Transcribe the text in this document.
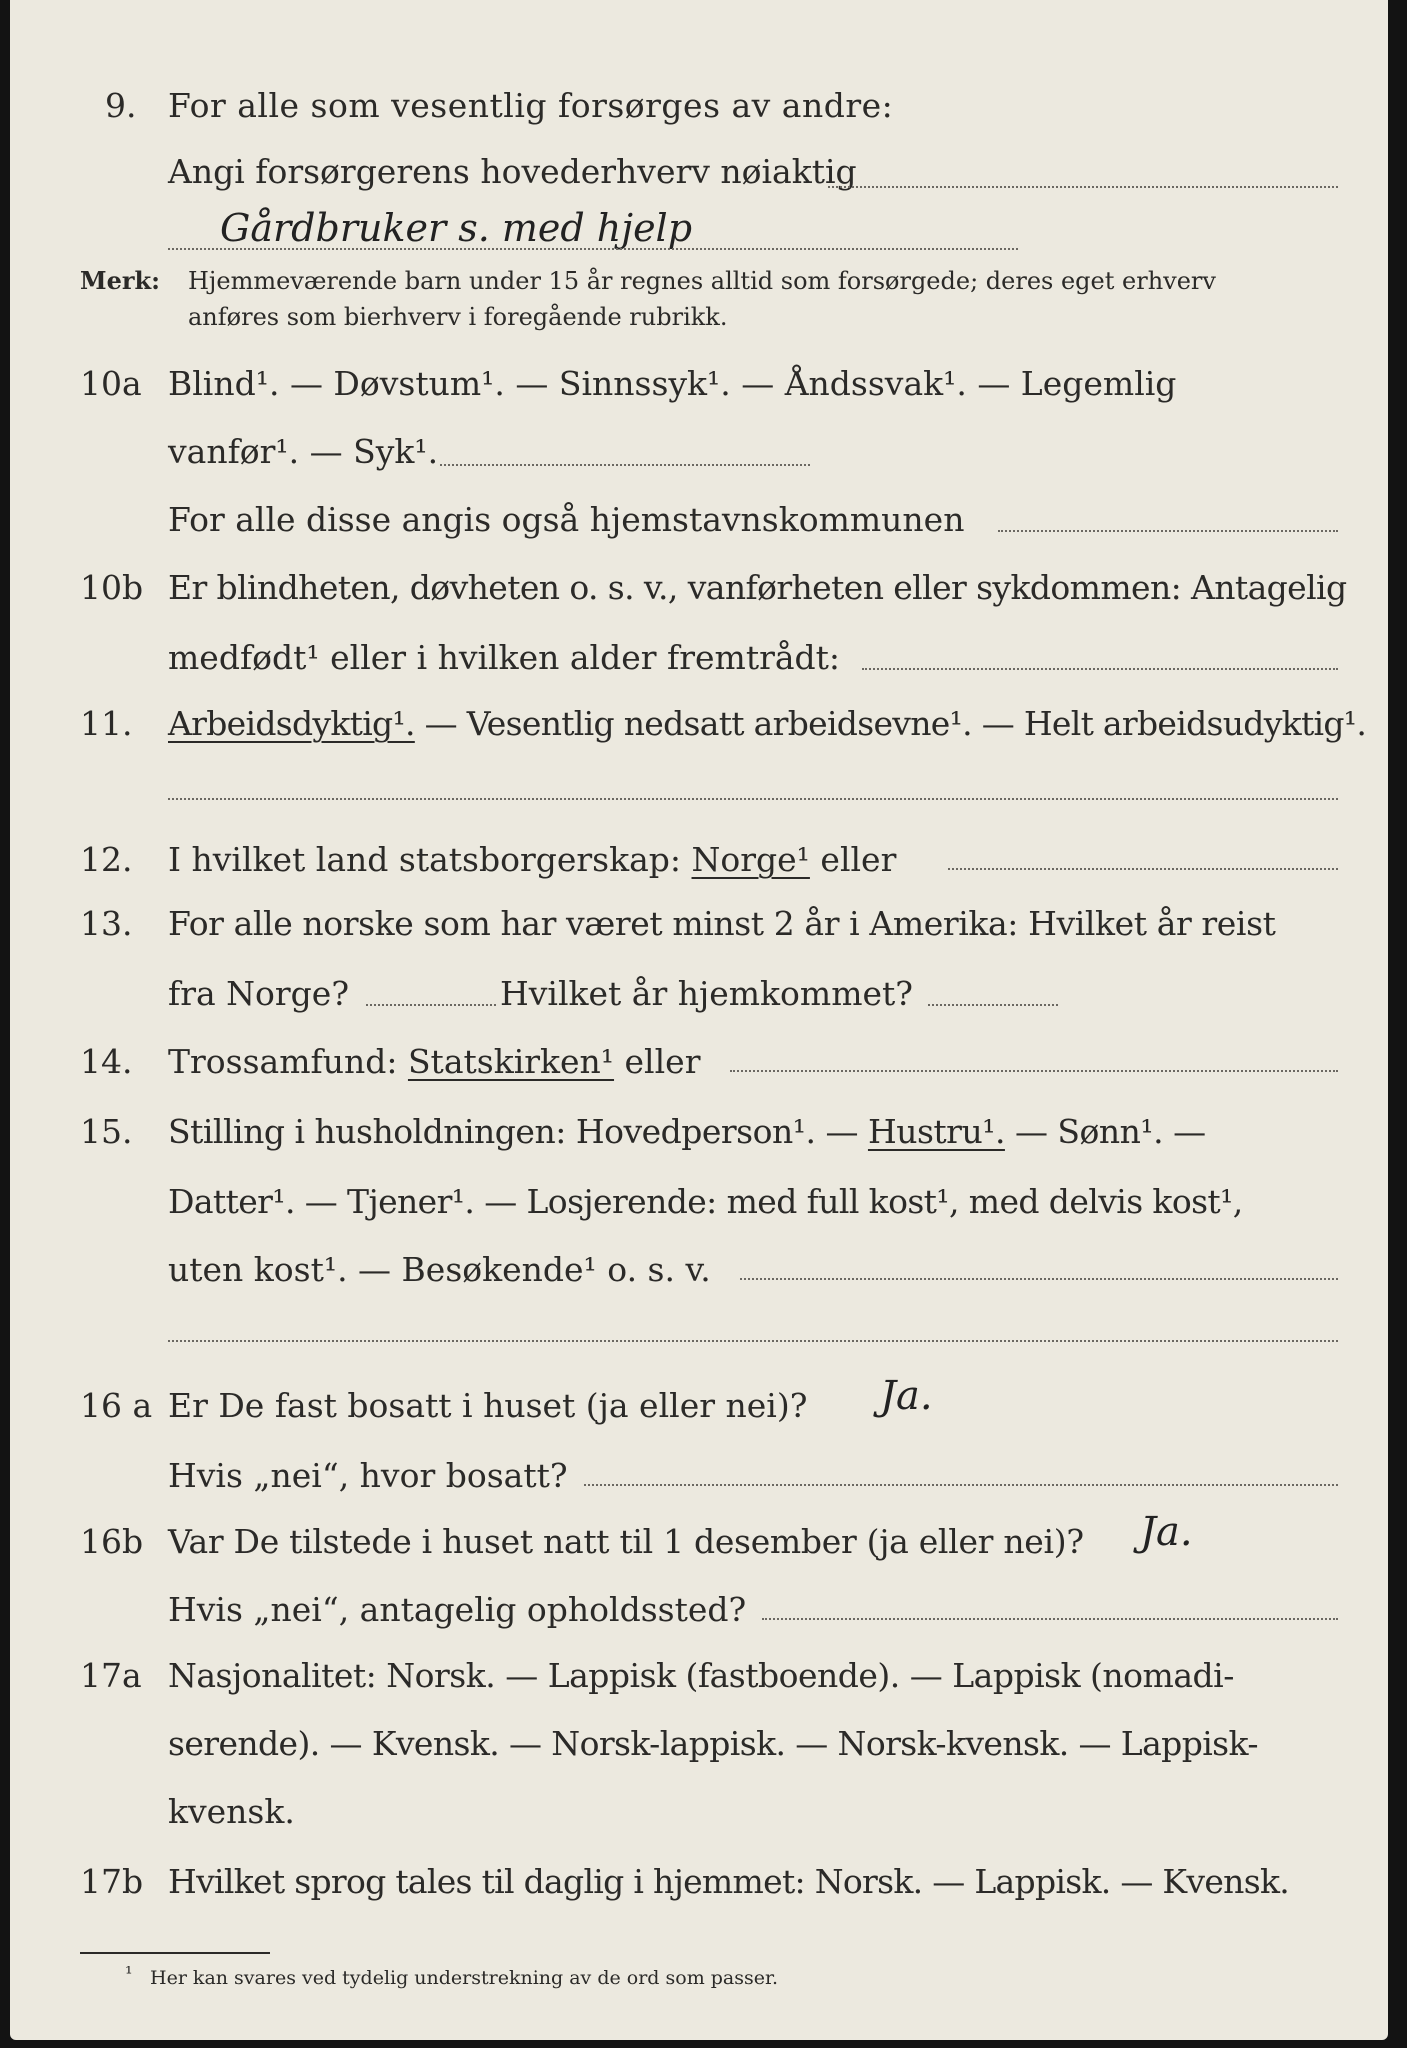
9. For alle som vesentlig forsørges av andre:
Angi forsørgerens hovederhverv nøiaktig
Gårdbruker s. med hjelp
Merk: Hjemmeværende barn under 15 år regnes alltid som forsørgede; deres eget erhverv
anføres som bierhverv i foregående rubrikk.
10a Blind¹. — Døvstum¹. — Sinnssyk¹. — Åndssvak¹. — Legemlig
vanfør¹. — Syk¹.
For alle disse angis også hjemstavnskommunen
10b Er blindheten, døvheten o. s. v., vanførheten eller sykdommen: Antagelig
medfødt¹ eller i hvilken alder fremtrådt:
11. Arbeidsdyktig¹. — Vesentlig nedsatt arbeidsevne¹. — Helt arbeidsudyktig¹.
12. I hvilket land statsborgerskap: Norge¹ eller
13. For alle norske som har været minst 2 år i Amerika: Hvilket år reist
fra Norge?	Hvilket år hjemkommet?
14. Trossamfund: Statskirken¹ eller
15. Stilling i husholdningen: Hovedperson¹. — Hustru¹. — Sønn¹. —
Datter¹. — Tjener¹. — Losjerende: med full kost¹, med delvis kost¹,
uten kost¹. — Besøkende¹ o. s. v.
16 a Er De fast bosatt i huset (ja eller nei)? Ja.
Hvis „nei“, hvor bosatt?
16b Var De tilstede i huset natt til 1 desember (ja eller nei)? Ja.
Hvis „nei“, antagelig opholdssted?
17a Nasjonalitet: Norsk. — Lappisk (fastboende). — Lappisk (nomadi-
serende). — Kvensk. — Norsk-lappisk. — Norsk-kvensk. — Lappisk-
kvensk.
17b Hvilket sprog tales til daglig i hjemmet: Norsk. — Lappisk. — Kvensk.
¹ Her kan svares ved tydelig understrekning av de ord som passer.
